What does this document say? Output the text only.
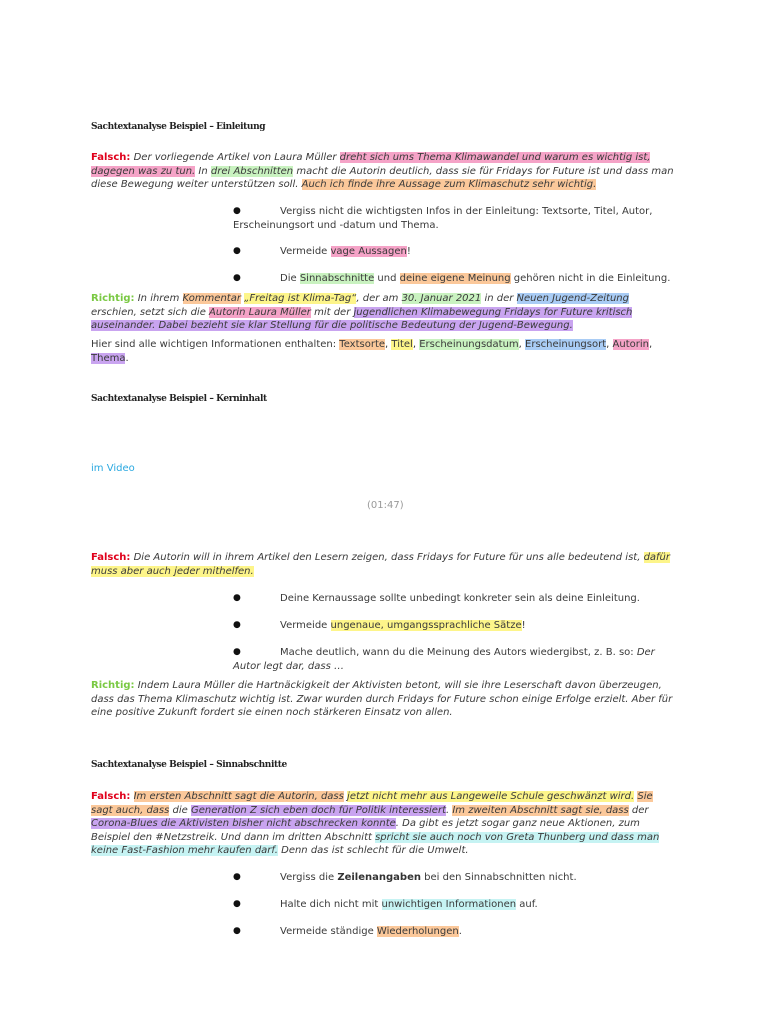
Sachtextanalyse Beispiel – Einleitung
Falsch: Der vorliegende Artikel von Laura Müller dreht sich ums Thema Klimawandel und warum es wichtig ist, dagegen was zu tun. In drei Abschnitten macht die Autorin deutlich, dass sie für Fridays for Future ist und dass man diese Bewegung weiter unterstützen soll. Auch ich finde ihre Aussage zum Klimaschutz sehr wichtig.
●	Vergiss nicht die wichtigsten Infos in der Einleitung: Textsorte, Titel, Autor, Erscheinungsort und -datum und Thema.
●	Vermeide vage Aussagen!
●	Die Sinnabschnitte und deine eigene Meinung gehören nicht in die Einleitung.
Richtig: In ihrem Kommentar „Freitag ist Klima-Tag“, der am 30. Januar 2021 in der Neuen Jugend-Zeitung erschien, setzt sich die Autorin Laura Müller mit der jugendlichen Klimabewegung Fridays for Future kritisch auseinander. Dabei bezieht sie klar Stellung für die politische Bedeutung der Jugend-Bewegung.
Hier sind alle wichtigen Informationen enthalten: Textsorte, Titel, Erscheinungsdatum, Erscheinungsort, Autorin, Thema.
Sachtextanalyse Beispiel – Kerninhalt
im Video
(01:47)
Falsch: Die Autorin will in ihrem Artikel den Lesern zeigen, dass Fridays for Future für uns alle bedeutend ist, dafür muss aber auch jeder mithelfen.
●	Deine Kernaussage sollte unbedingt konkreter sein als deine Einleitung.
●	Vermeide ungenaue, umgangssprachliche Sätze!
●	Mache deutlich, wann du die Meinung des Autors wiedergibst, z. B. so: Der Autor legt dar, dass …
Richtig: Indem Laura Müller die Hartnäckigkeit der Aktivisten betont, will sie ihre Leserschaft davon überzeugen, dass das Thema Klimaschutz wichtig ist. Zwar wurden durch Fridays for Future schon einige Erfolge erzielt. Aber für eine positive Zukunft fordert sie einen noch stärkeren Einsatz von allen.
Sachtextanalyse Beispiel – Sinnabschnitte
Falsch: Im ersten Abschnitt sagt die Autorin, dass jetzt nicht mehr aus Langeweile Schule geschwänzt wird. Sie sagt auch, dass die Generation Z sich eben doch für Politik interessiert. Im zweiten Abschnitt sagt sie, dass der Corona-Blues die Aktivisten bisher nicht abschrecken konnte. Da gibt es jetzt sogar ganz neue Aktionen, zum Beispiel den #Netzstreik. Und dann im dritten Abschnitt spricht sie auch noch von Greta Thunberg und dass man keine Fast-Fashion mehr kaufen darf. Denn das ist schlecht für die Umwelt.
●	Vergiss die Zeilenangaben bei den Sinnabschnitten nicht.
●	Halte dich nicht mit unwichtigen Informationen auf.
●	Vermeide ständige Wiederholungen.
